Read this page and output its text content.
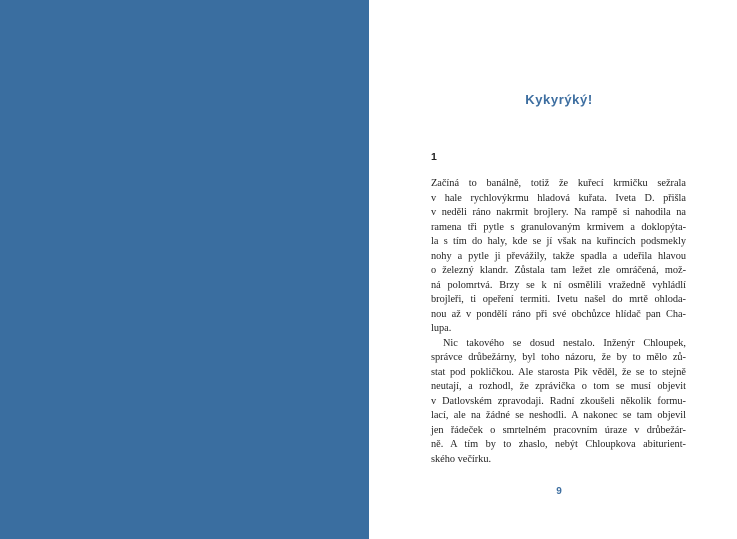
Kykyrýký!
1
Začíná to banálně, totiž že kuřecí krmičku sežrala
v hale rychlovýkrmu hladová kuřata. Iveta D. přišla
v neděli ráno nakrmit brojlery. Na rampě si nahodila na
ramena tři pytle s granulovaným krmivem a doklopýta-
la s tím do haly, kde se jí však na kuřincích podsmekly
nohy a pytle ji převážily, takže spadla a udeřila hlavou
o železný klandr. Zůstala tam ležet zle omráčená, mož-
ná polomrtvá. Brzy se k ní osmělili vražedně vyhládlí
brojleři, ti opeření termiti. Ivetu našel do mrtě ohloda-
nou až v pondělí ráno při své obchůzce hlídač pan Cha-
lupa.
Nic takového se dosud nestalo. Inženýr Chloupek,
správce drůbežárny, byl toho názoru, že by to mělo zů-
stat pod pokličkou. Ale starosta Pik věděl, že se to stejně
neutají, a rozhodl, že zprávička o tom se musí objevit
v Datlovském zpravodaji. Radní zkoušeli několik formu-
lací, ale na žádné se neshodli. A nakonec se tam objevil
jen řádeček o smrtelném pracovním úraze v drůbežár-
ně. A tím by to zhaslo, nebýt Chloupkova abiturient-
ského večírku.
9
